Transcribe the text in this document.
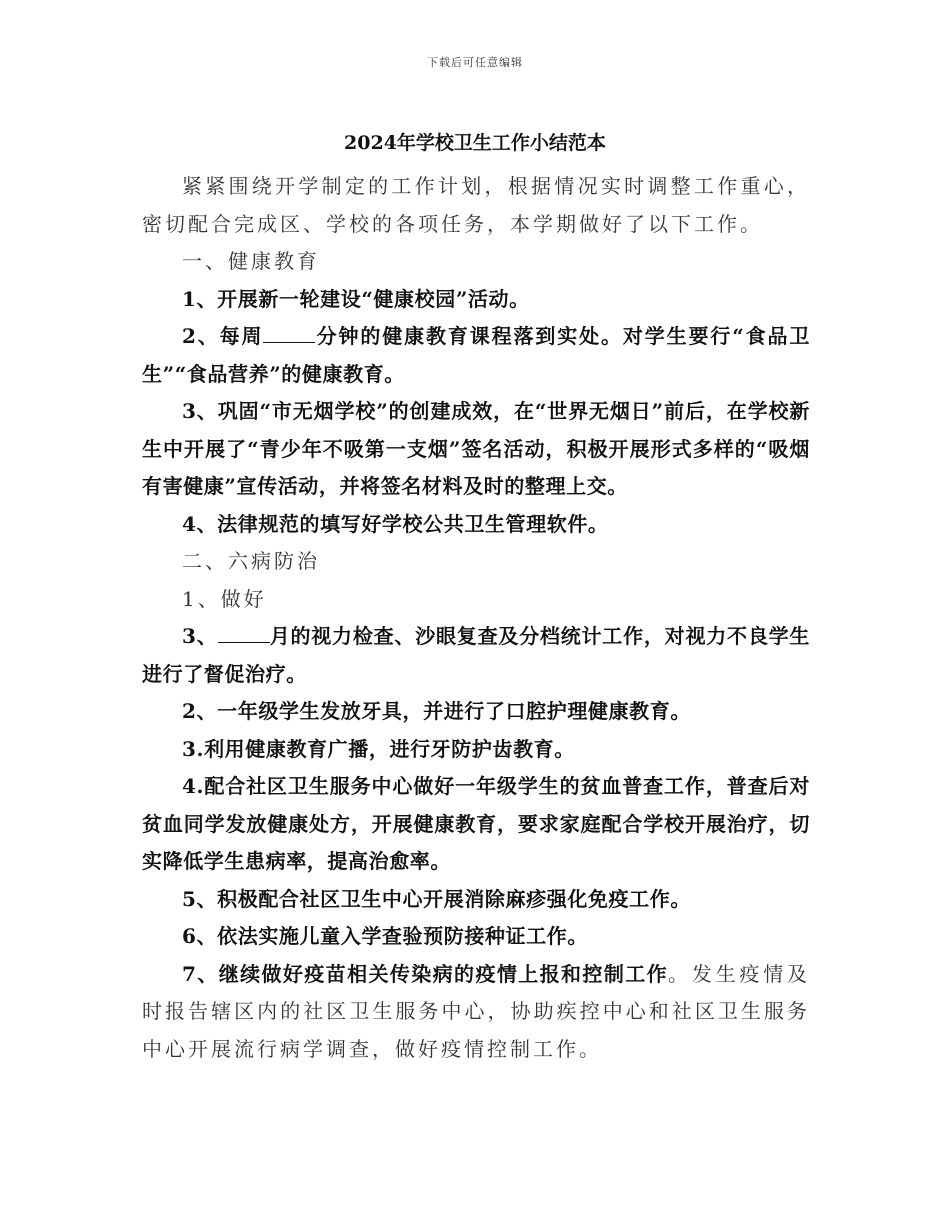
下载后可任意编辑
2024年学校卫生工作小结范本

紧紧围绕开学制定的工作计划，根据情况实时调整工作重心，密切配合完成区、学校的各项任务，本学期做好了以下工作。

一、健康教育

1、开展新一轮建设“健康校园”活动。

2、每周	分钟的健康教育课程落到实处。对学生要行“食品卫生”“食品营养”的健康教育。

3、巩固“市无烟学校”的创建成效，在“世界无烟日”前后，在学校新生中开展了“青少年不吸第一支烟”签名活动，积极开展形式多样的“吸烟有害健康”宣传活动，并将签名材料及时的整理上交。

4、法律规范的填写好学校公共卫生管理软件。

二、六病防治

1、做好

3、	月的视力检查、沙眼复查及分档统计工作，对视力不良学生进行了督促治疗。

2、一年级学生发放牙具，并进行了口腔护理健康教育。

3.利用健康教育广播，进行牙防护齿教育。

4.配合社区卫生服务中心做好一年级学生的贫血普查工作，普查后对贫血同学发放健康处方，开展健康教育，要求家庭配合学校开展治疗，切实降低学生患病率，提高治愈率。

5、积极配合社区卫生中心开展消除麻疹强化免疫工作。

6、依法实施儿童入学查验预防接种证工作。

7、继续做好疫苗相关传染病的疫情上报和控制工作。发生疫情及时报告辖区内的社区卫生服务中心，协助疾控中心和社区卫生服务中心开展流行病学调查，做好疫情控制工作。
